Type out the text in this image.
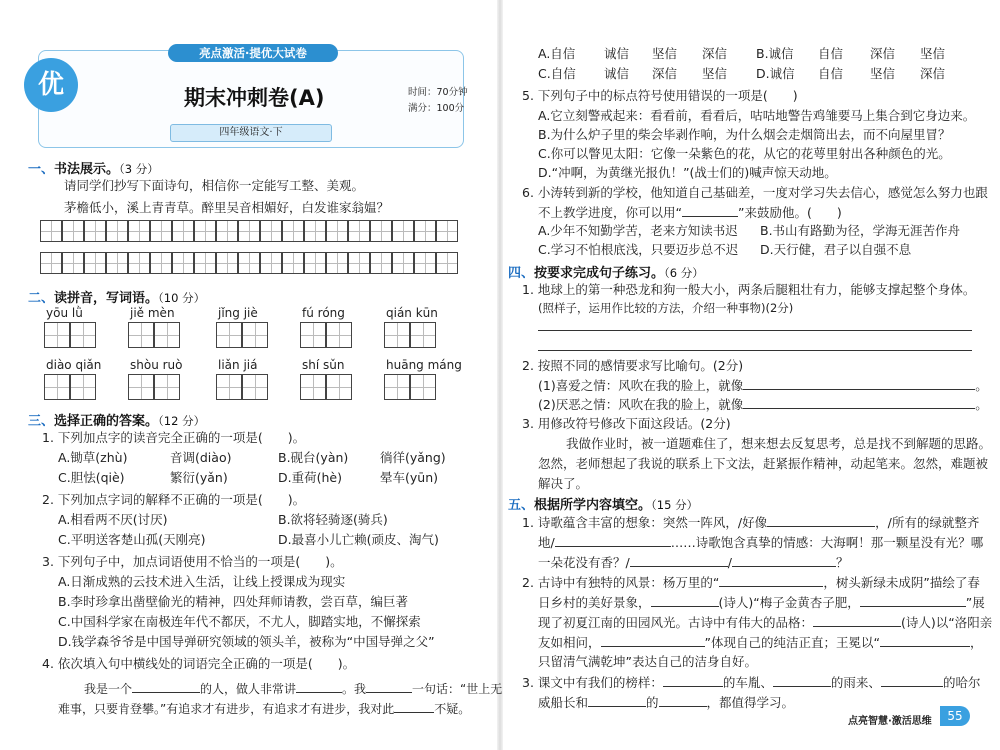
优
亮点激活·提优大试卷
期末冲刺卷(A)	时间：70分钟
满分：100分
四年级语文·下
一、书法展示。（3 分）
请同学们抄写下面诗句，相信你一定能写工整、美观。
茅檐低小，溪上青青草。醉里吴音相媚好，白发谁家翁媪？
二、读拼音，写词语。（10 分）
yōu lǜ	jiě mèn	jǐng jiè	fú róng	qián kūn
diào qiǎn shòu ruò	liǎn jiá	shí sǔn	huāng máng
三、选择正确的答案。（12 分）
1. 下列加点字的读音完全正确的一项是(　　)。
A.锄草(zhù)	音调(diào)	B.砚台(yàn)	徜徉(yǎng)
C.胆怯(qiè)	繁衍(yǎn)	D.重荷(hè)	晕车(yūn)
2. 下列加点字词的解释不正确的一项是(　　)。
A.相看两不厌(讨厌)	B.欲将轻骑逐(骑兵)
C.平明送客楚山孤(天刚亮)	D.最喜小儿亡赖(顽皮、淘气)
3. 下列句子中，加点词语使用不恰当的一项是(　　)。
A.日渐成熟的云技术进入生活，让线上授课成为现实
B.李时珍拿出凿壁偷光的精神，四处拜师请教，尝百草，编巨著
C.中国科学家在南极连年代不都厌，不尤人，脚踏实地，不懈探索
D.钱学森爷爷是中国导弹研究领域的领头羊，被称为“中国导弹之父”
4. 依次填入句中横线处的词语完全正确的一项是(　　)。
我是一个	的人，做人非常讲	。我	一句话：“世上无
难事，只要肯登攀。”有追求才有进步，有追求才有进步，我对此	不疑。
A.自信 诚信 坚信 深信 B.诚信 自信 深信 坚信
C.自信 诚信 深信 坚信 D.诚信 自信 坚信 深信
5. 下列句子中的标点符号使用错误的一项是(　　)
A.它立刻警戒起来：看看前，看看后，咕咕地警告鸡雏要马上集合到它身边来。
B.为什么炉子里的柴会毕剥作响，为什么烟会走烟筒出去，而不向屋里冒？
C.你可以瞥见太阳：它像一朵紫色的花，从它的花萼里射出各种颜色的光。
D.“冲啊，为黄继光报仇！”(战士们的)喊声惊天动地。
6. 小涛转到新的学校，他知道自己基础差，一度对学习失去信心，感觉怎么努力也跟
不上教学进度，你可以用“	”来鼓励他。(　　)
A.少年不知勤学苦，老来方知读书迟 B.书山有路勤为径，学海无涯苦作舟
C.学习不怕根底浅，只要迈步总不迟 D.天行健，君子以自强不息
四、按要求完成句子练习。（6 分）
1. 地球上的第一种恐龙和狗一般大小，两条后腿粗壮有力，能够支撑起整个身体。
(照样子，运用作比较的方法，介绍一种事物)(2分)
2. 按照不同的感情要求写比喻句。(2分)
(1)喜爱之情：风吹在我的脸上，就像	。
(2)厌恶之情：风吹在我的脸上，就像	。
3. 用修改符号修改下面这段话。(2分)
我做作业时，被一道题难住了，想来想去反复思考，总是找不到解题的思路。
忽然，老师想起了我说的联系上下文法，赶紧振作精神，动起笔来。忽然，难题被
解决了。
五、根据所学内容填空。（15 分）
1. 诗歌蕴含丰富的想象：突然一阵风，/好像	，/所有的绿就整齐
地/	……诗歌饱含真挚的情感：大海啊！那一颗星没有光？哪
一朵花没有香？/	/	？
2. 古诗中有独特的风景：杨万里的“	，树头新绿未成阴”描绘了春
日乡村的美好景象，	(诗人)“梅子金黄杏子肥，	”展
现了初夏江南的田园风光。古诗中有伟大的品格：	(诗人)以“洛阳亲
友如相问，	”体现自己的纯洁正直；王冕以“	，
只留清气满乾坤”表达自己的洁身自好。
3. 课文中有我们的榜样：	的车胤、	的雨来、	的哈尔
威船长和	的	，都值得学习。
点亮智慧·激活思维	55
